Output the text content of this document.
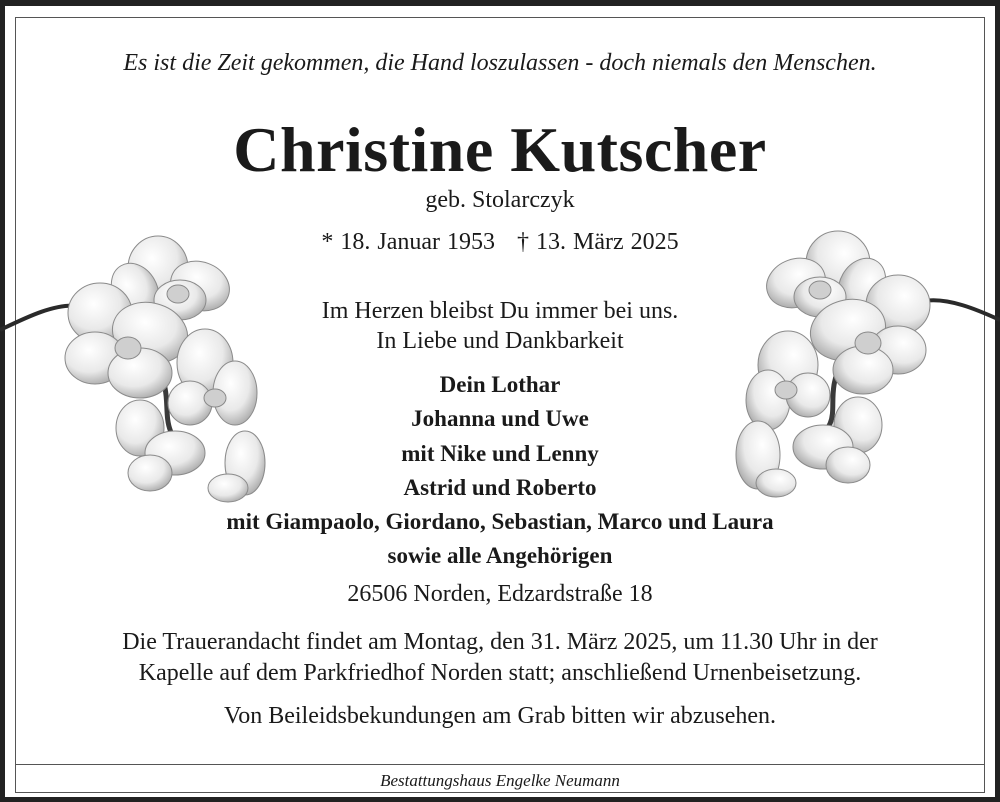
Es ist die Zeit gekommen, die Hand loszulassen - doch niemals den Menschen.
Christine Kutscher
geb. Stolarczyk
* 18. Januar 1953 † 13. März 2025
Im Herzen bleibst Du immer bei uns.
In Liebe und Dankbarkeit
Dein Lothar
Johanna und Uwe
mit Nike und Lenny
Astrid und Roberto
mit Giampaolo, Giordano, Sebastian, Marco und Laura
sowie alle Angehörigen
26506 Norden, Edzardstraße 18
Die Trauerandacht findet am Montag, den 31. März 2025, um 11.30 Uhr in der
Kapelle auf dem Parkfriedhof Norden statt; anschließend Urnenbeisetzung.
Von Beileidsbekundungen am Grab bitten wir abzusehen.
Bestattungshaus Engelke Neumann
